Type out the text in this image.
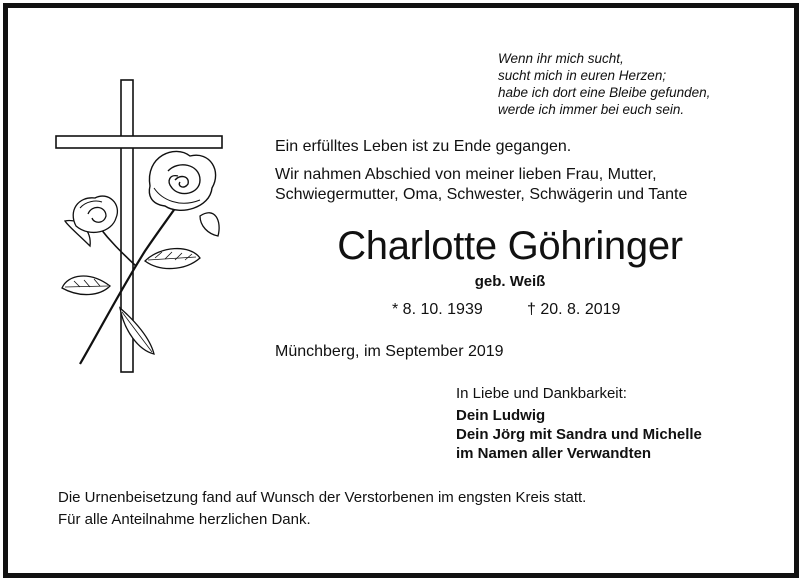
Wenn ihr mich sucht,
sucht mich in euren Herzen;
habe ich dort eine Bleibe gefunden,
werde ich immer bei euch sein.
Ein erfülltes Leben ist zu Ende gegangen.
Wir nahmen Abschied von meiner lieben Frau, Mutter,
Schwiegermutter, Oma, Schwester, Schwägerin und Tante
Charlotte Göhringer
geb. Weiß
* 8. 10. 1939	† 20. 8. 2019
Münchberg, im September 2019
In Liebe und Dankbarkeit:
Dein Ludwig
Dein Jörg mit Sandra und Michelle
im Namen aller Verwandten
Die Urnenbeisetzung fand auf Wunsch der Verstorbenen im engsten Kreis statt.
Für alle Anteilnahme herzlichen Dank.
